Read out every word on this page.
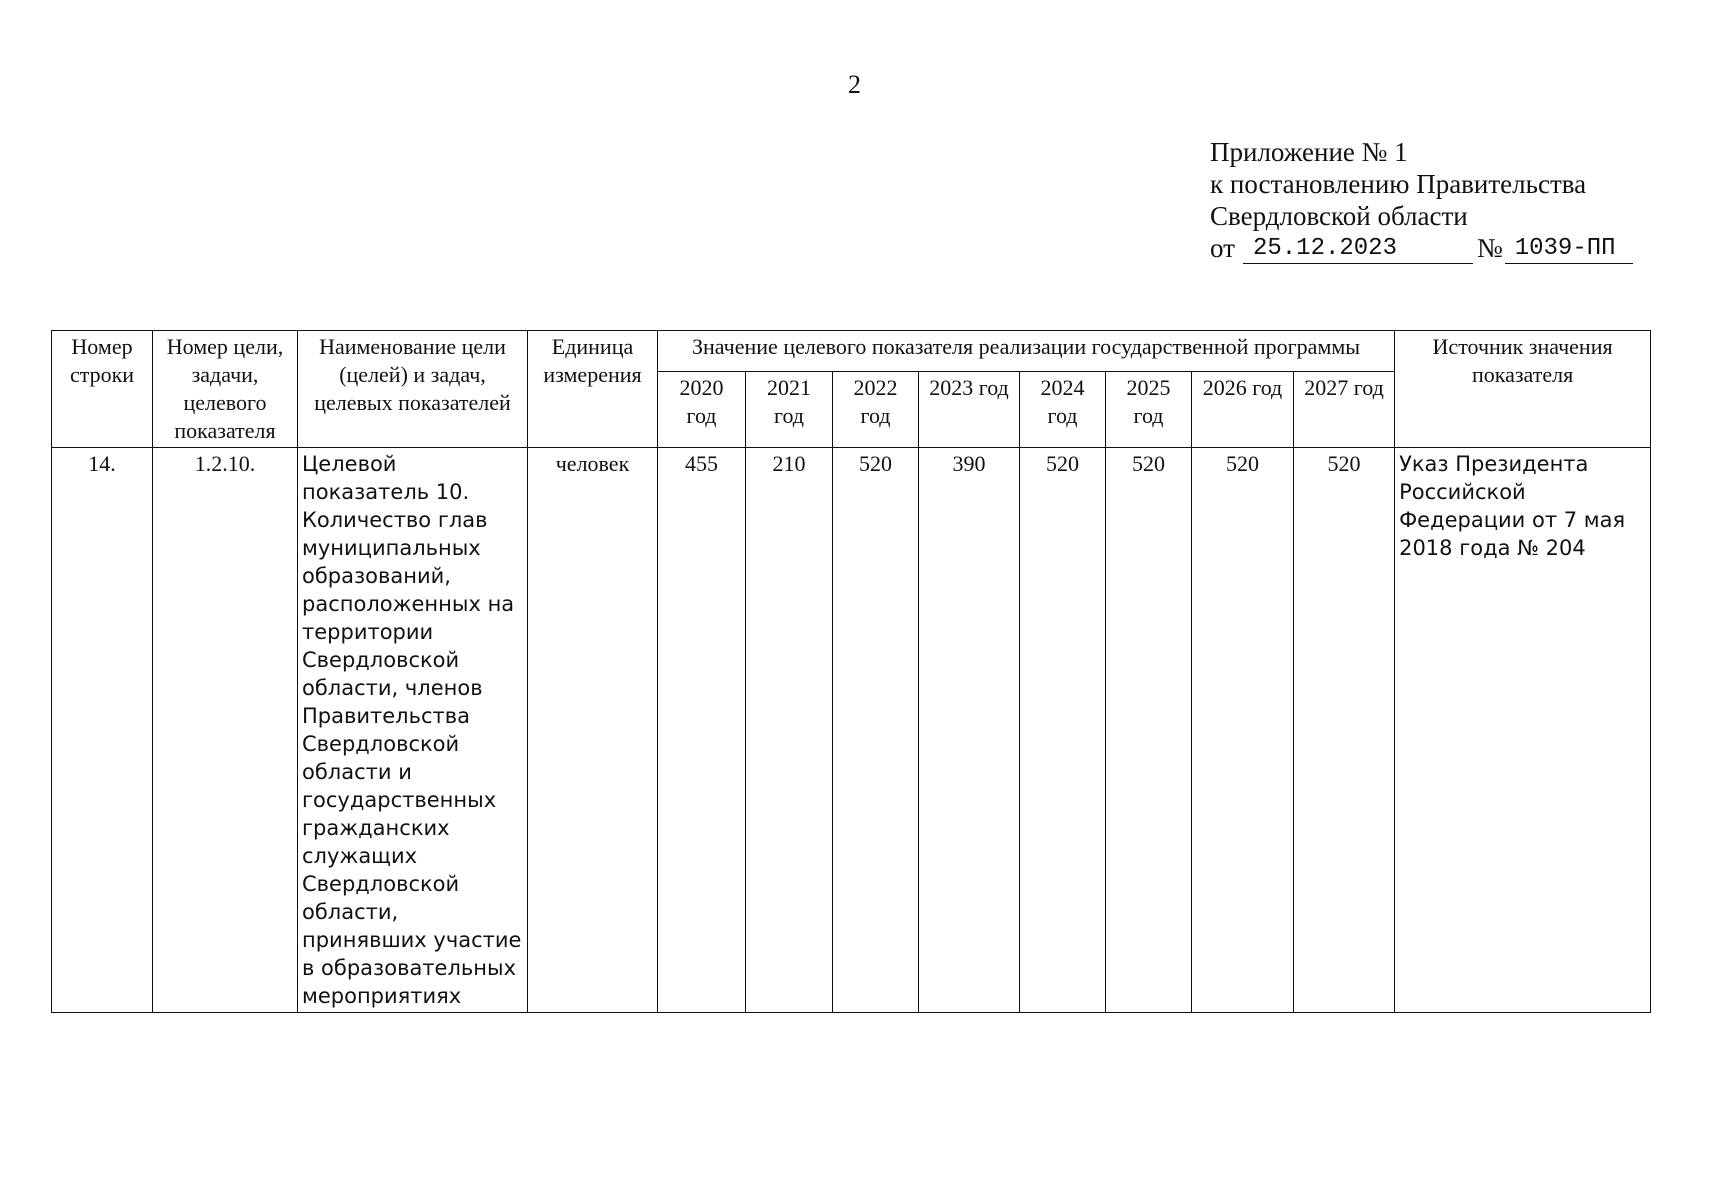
2
Приложение № 1
к постановлению Правительства
Свердловской области
от 25.12.2023	№ 1039-ПП
Номер строки	Номер цели, задачи, целевого показателя	Наименование цели (целей) и задач, целевых показателей	Единица измерения	Значение целевого показателя реализации государственной программы								Источник значения показателя
				2020 год	2021 год	2022 год	2023 год	2024 год	2025 год	2026 год	2027 год	
14.	1.2.10.	Целевой показатель 10. Количество глав муниципальных образований, расположенных на территории Свердловской области, членов Правительства Свердловской области и государственных гражданских служащих Свердловской области, принявших участие в образовательных мероприятиях	человек	455	210	520	390	520	520	520	520	Указ Президента Российской Федерации от 7 мая 2018 года № 204
